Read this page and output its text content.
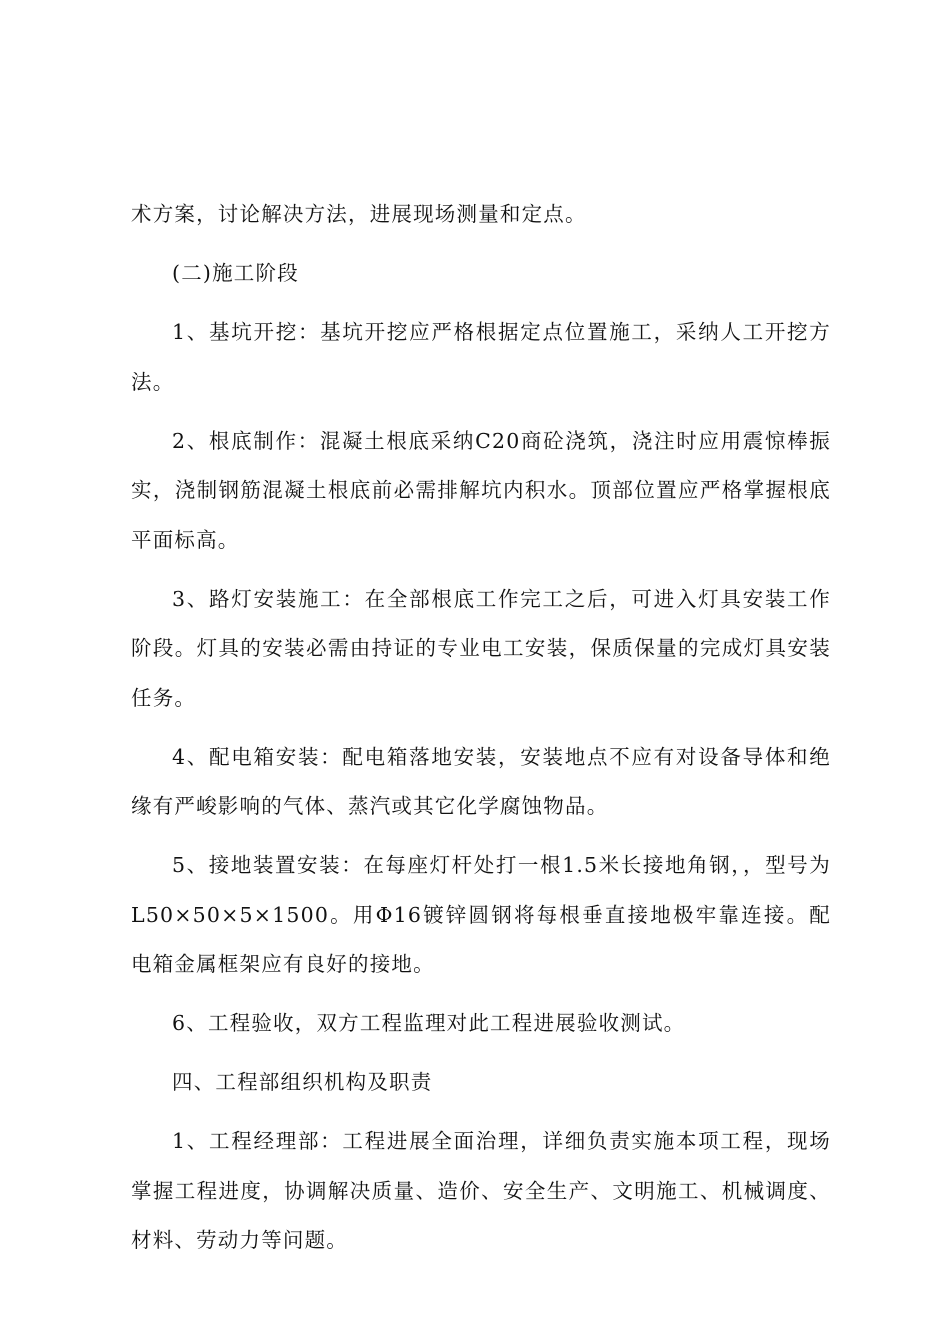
术方案，讨论解决方法，进展现场测量和定点。

(二)施工阶段

1、基坑开挖：基坑开挖应严格根据定点位置施工，采纳人工开挖方法。

2、根底制作：混凝土根底采纳C20商砼浇筑，浇注时应用震惊棒振实，浇制钢筋混凝土根底前必需排解坑内积水。顶部位置应严格掌握根底平面标高。

3、路灯安装施工：在全部根底工作完工之后，可进入灯具安装工作阶段。灯具的安装必需由持证的专业电工安装，保质保量的完成灯具安装任务。

4、配电箱安装：配电箱落地安装，安装地点不应有对设备导体和绝缘有严峻影响的气体、蒸汽或其它化学腐蚀物品。

5、接地装置安装：在每座灯杆处打一根1.5米长接地角钢，，型号为L50×50×5×1500。用Φ16镀锌圆钢将每根垂直接地极牢靠连接。配电箱金属框架应有良好的接地。

6、工程验收，双方工程监理对此工程进展验收测试。

四、工程部组织机构及职责

1、工程经理部：工程进展全面治理，详细负责实施本项工程，现场掌握工程进度，协调解决质量、造价、安全生产、文明施工、机械调度、材料、劳动力等问题。
